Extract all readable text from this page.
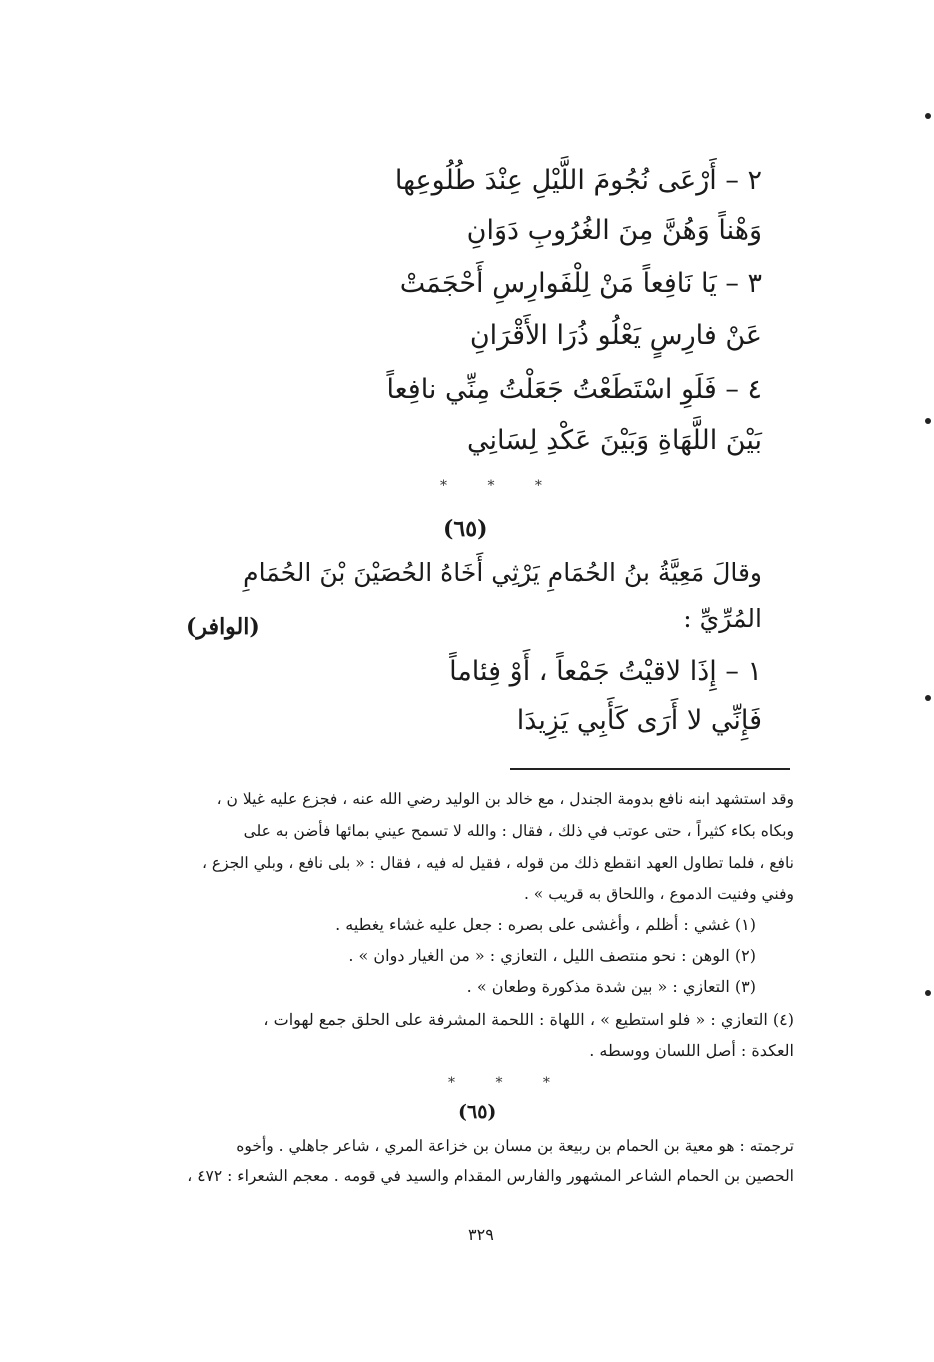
٢ – أَرْعَى نُجُومَ اللَّيْلِ عِنْدَ طُلُوعِها
وَهْناً وَهُنَّ مِنَ الغُرُوبِ دَوَانِ
٣ – يَا نَافِعاً مَنْ لِلْفَوارِسِ أَحْجَمَتْ
عَنْ فارِسٍ يَعْلُو ذُرَا الأَقْرَانِ
٤ – فَلَوِ اسْتَطَعْتُ جَعَلْتُ مِنِّي نافِعاً
بَيْنَ اللَّهَاةِ وَبَيْنَ عَكْدِ لِسَانِي
* * *
(٦٥)
وقالَ مَعِيَّةُ بنُ الحُمَامِ يَرْثِي أَخَاهُ الحُصَيْنَ بْنَ الحُمَامِ
المُرِّيِّ :
(الوافر)
١ – إِذَا لاقيْتُ جَمْعاً ، أَوْ فِئاماً
فَإِنِّي لا أَرَى كَأَبِي يَزِيدَا
وقد استشهد ابنه نافع بدومة الجندل ، مع خالد بن الوليد رضي الله عنه ، فجزع عليه غيلا ن ،
وبكاه بكاء كثيراً ، حتى عوتب في ذلك ، فقال : والله لا تسمح عيني بمائها فأضن به على
نافع ، فلما تطاول العهد انقطع ذلك من قوله ، فقيل له فيه ، فقال : « بلى نافع ، وبلي الجزع ،
وفني وفنيت الدموع ، واللحاق به قريب » .
(١) غشي : أظلم ، وأغشى على بصره : جعل عليه غشاء يغطيه .
(٢) الوهن : نحو منتصف الليل ، التعازي : « من الغيار دوان » .
(٣) التعازي : « بين شدة مذكورة وطعان » .
(٤) التعازي : « فلو استطيع » ، اللهاة : اللحمة المشرفة على الحلق جمع لهوات ،
العكدة : أصل اللسان ووسطه .
* * *
(٦٥)
ترجمته : هو معية بن الحمام بن ربيعة بن مسان بن خزاعة المري ، شاعر جاهلي . وأخوه
الحصين بن الحمام الشاعر المشهور والفارس المقدام والسيد في قومه . معجم الشعراء : ٤٧٢ ،
٣٢٩
